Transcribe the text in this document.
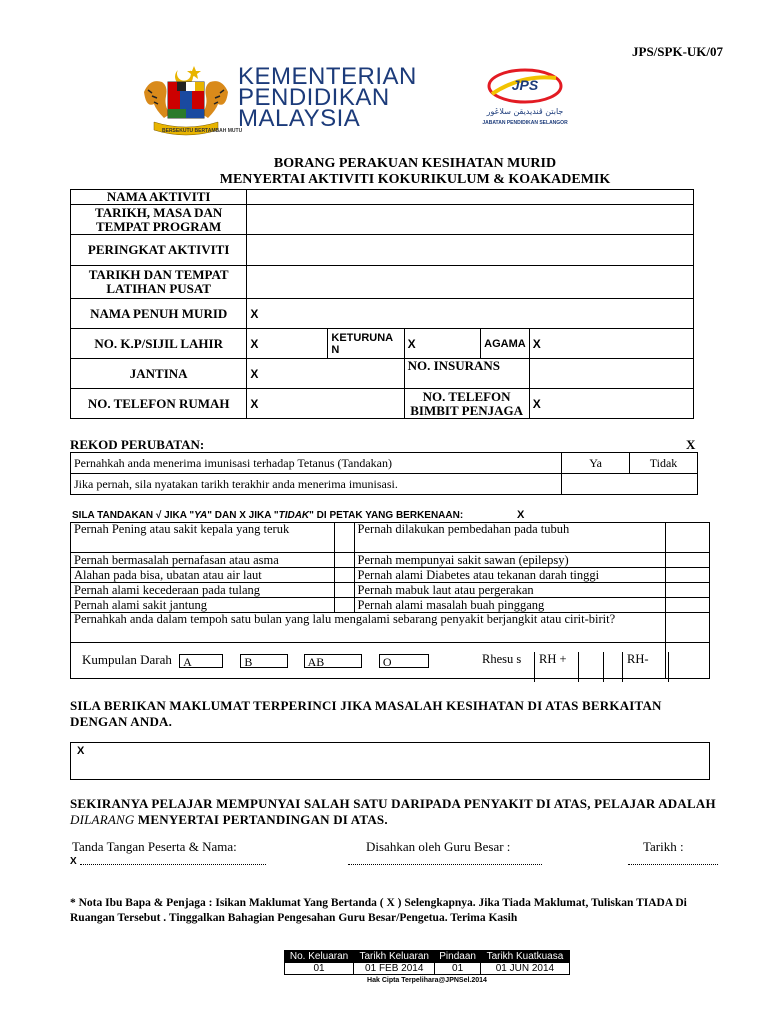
JPS/SPK-UK/07
BERSEKUTU BERTAMBAH MUTU
KEMENTERIAN
PENDIDIKAN
MALAYSIA
JPS
جابتن ڤنديديقن سلاڠور
JABATAN PENDIDIKAN SELANGOR
BORANG PERAKUAN KESIHATAN MURID
MENYERTAI AKTIVITI KOKURIKULUM & KOAKADEMIK
NAMA AKTIVITI					
TARIKH, MASA DAN TEMPAT PROGRAM					
PERINGKAT AKTIVITI					
TARIKH DAN TEMPAT LATIHAN PUSAT					
NAMA PENUH MURID	X				
NO. K.P/SIJIL LAHIR	X	KETURUNA N	X	AGAMA	X
JANTINA	X		NO. INSURANS		
NO. TELEFON RUMAH	X		NO. TELEFON BIMBIT PENJAGA		X
REKOD PERUBATAN:	X
Pernahkah anda menerima imunisasi terhadap Tetanus (Tandakan)	Ya	Tidak
Jika pernah, sila nyatakan tarikh terakhir anda menerima imunisasi.		
SILA TANDAKAN √ JIKA "YA" DAN X JIKA "TIDAK" DI PETAK YANG BERKENAAN:	X
Pernah Pening atau sakit kepala yang teruk		Pernah dilakukan pembedahan pada tubuh	
Pernah bermasalah pernafasan atau asma		Pernah mempunyai sakit sawan (epilepsy)	
Alahan pada bisa, ubatan atau air laut		Pernah alami Diabetes atau tekanan darah tinggi	
Pernah alami kecederaan pada tulang		Pernah mabuk laut atau pergerakan	
Pernah alami sakit jantung		Pernah alami masalah buah pinggang	
Pernahkah anda dalam tempoh satu bulan yang lalu mengalami sebarang penyakit berjangkit atau cirit-birit?			
Kumpulan Darah A B AB O				Rhesu s	RH +	RH-
SILA BERIKAN MAKLUMAT TERPERINCI JIKA MASALAH KESIHATAN DI ATAS BERKAITAN DENGAN ANDA.
X
SEKIRANYA PELAJAR MEMPUNYAI SALAH SATU DARIPADA PENYAKIT DI ATAS, PELAJAR ADALAH DILARANG MENYERTAI PERTANDINGAN DI ATAS.
Tanda Tangan Peserta & Nama:	Disahkan oleh Guru Besar :	Tarikh :
X
* Nota Ibu Bapa & Penjaga : Isikan Maklumat Yang Bertanda ( X ) Selengkapnya. Jika Tiada Maklumat, Tuliskan TIADA Di Ruangan Tersebut . Tinggalkan Bahagian Pengesahan Guru Besar/Pengetua. Terima Kasih
No. Keluaran	Tarikh Keluaran	Pindaan	Tarikh Kuatkuasa
01	01 FEB 2014	01	01 JUN 2014
Hak Cipta Terpelihara@JPNSel.2014
